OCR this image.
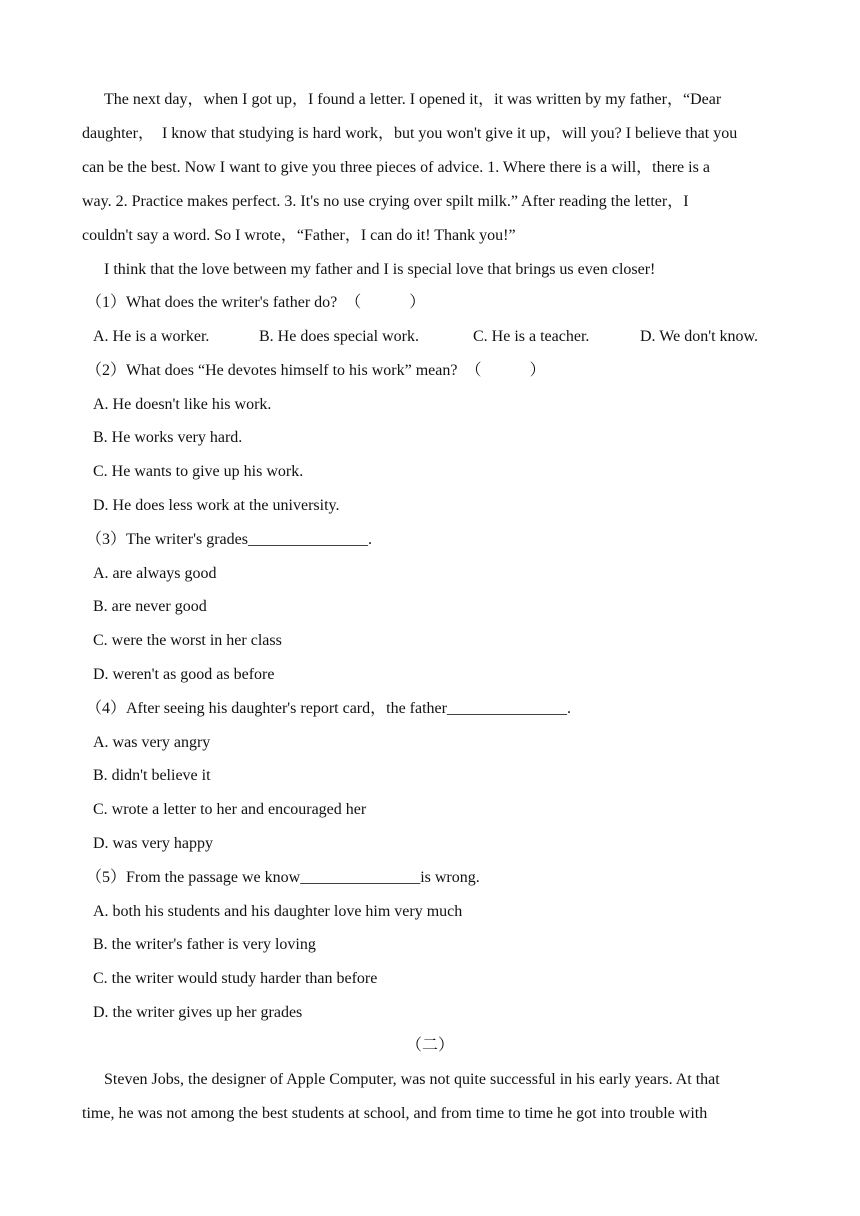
The next day，when I got up，I found a letter. I opened it，it was written by my father，“Dear
daughter，  I know that studying is hard work，but you won't give it up，will you? I believe that you
can be the best. Now I want to give you three pieces of advice. 1. Where there is a will，there is a
way. 2. Practice makes perfect. 3. It's no use crying over spilt milk.” After reading the letter，I
couldn't say a word. So I wrote，“Father，I can do it! Thank you!”
I think that the love between my father and I is special love that brings us even closer!
（1）What does the writer's father do?  （            ）

A. He is a worker.

	B. He does special work.

	C. He is a teacher.

	D. We don't know.

（2）What does “He devotes himself to his work” mean?  （            ）
A. He doesn't like his work.
B. He works very hard.
C. He wants to give up his work.
D. He does less work at the university.
（3）The writer's grades_______________.
A. are always good
B. are never good
C. were the worst in her class
D. weren't as good as before
（4）After seeing his daughter's report card，the father_______________.
A. was very angry
B. didn't believe it
C. wrote a letter to her and encouraged her
D. was very happy
（5）From the passage we know_______________is wrong.
A. both his students and his daughter love him very much
B. the writer's father is very loving
C. the writer would study harder than before
D. the writer gives up her grades
（二）
Steven Jobs, the designer of Apple Computer, was not quite successful in his early years. At that
time, he was not among the best students at school, and from time to time he got into trouble with
